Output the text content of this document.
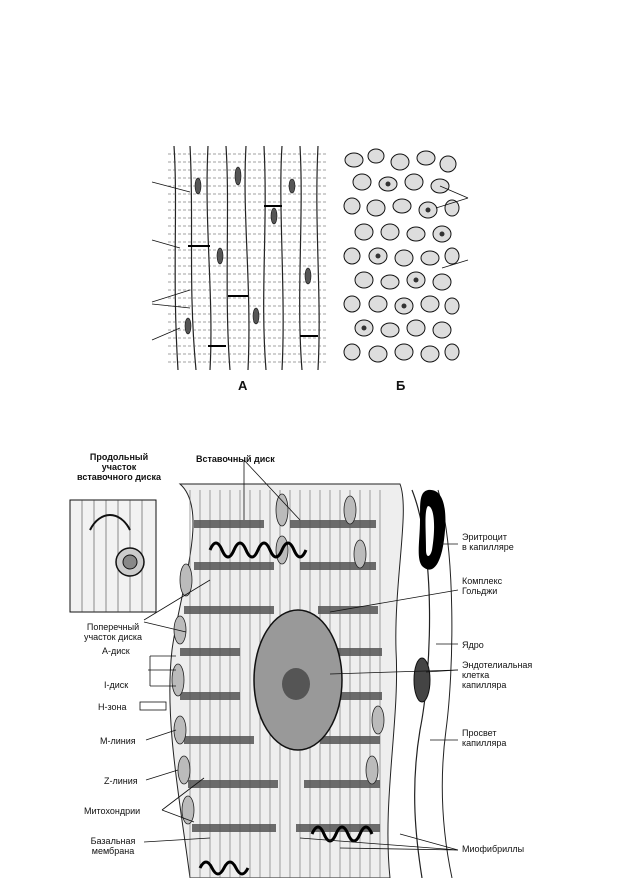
А	Б
Продольный
участок
вставочного диска
Вставочный диск
Эритроцит
в капилляре
Комплекс
Гольджи
Поперечный
участок диска
А-диск
Ядро
Эндотелиальная
клетка
капилляра
I-диск
Н-зона
М-линия
Просвет
капилляра
Z-линия
Митохондрии
Базальная
мембрана	Миофибриллы
